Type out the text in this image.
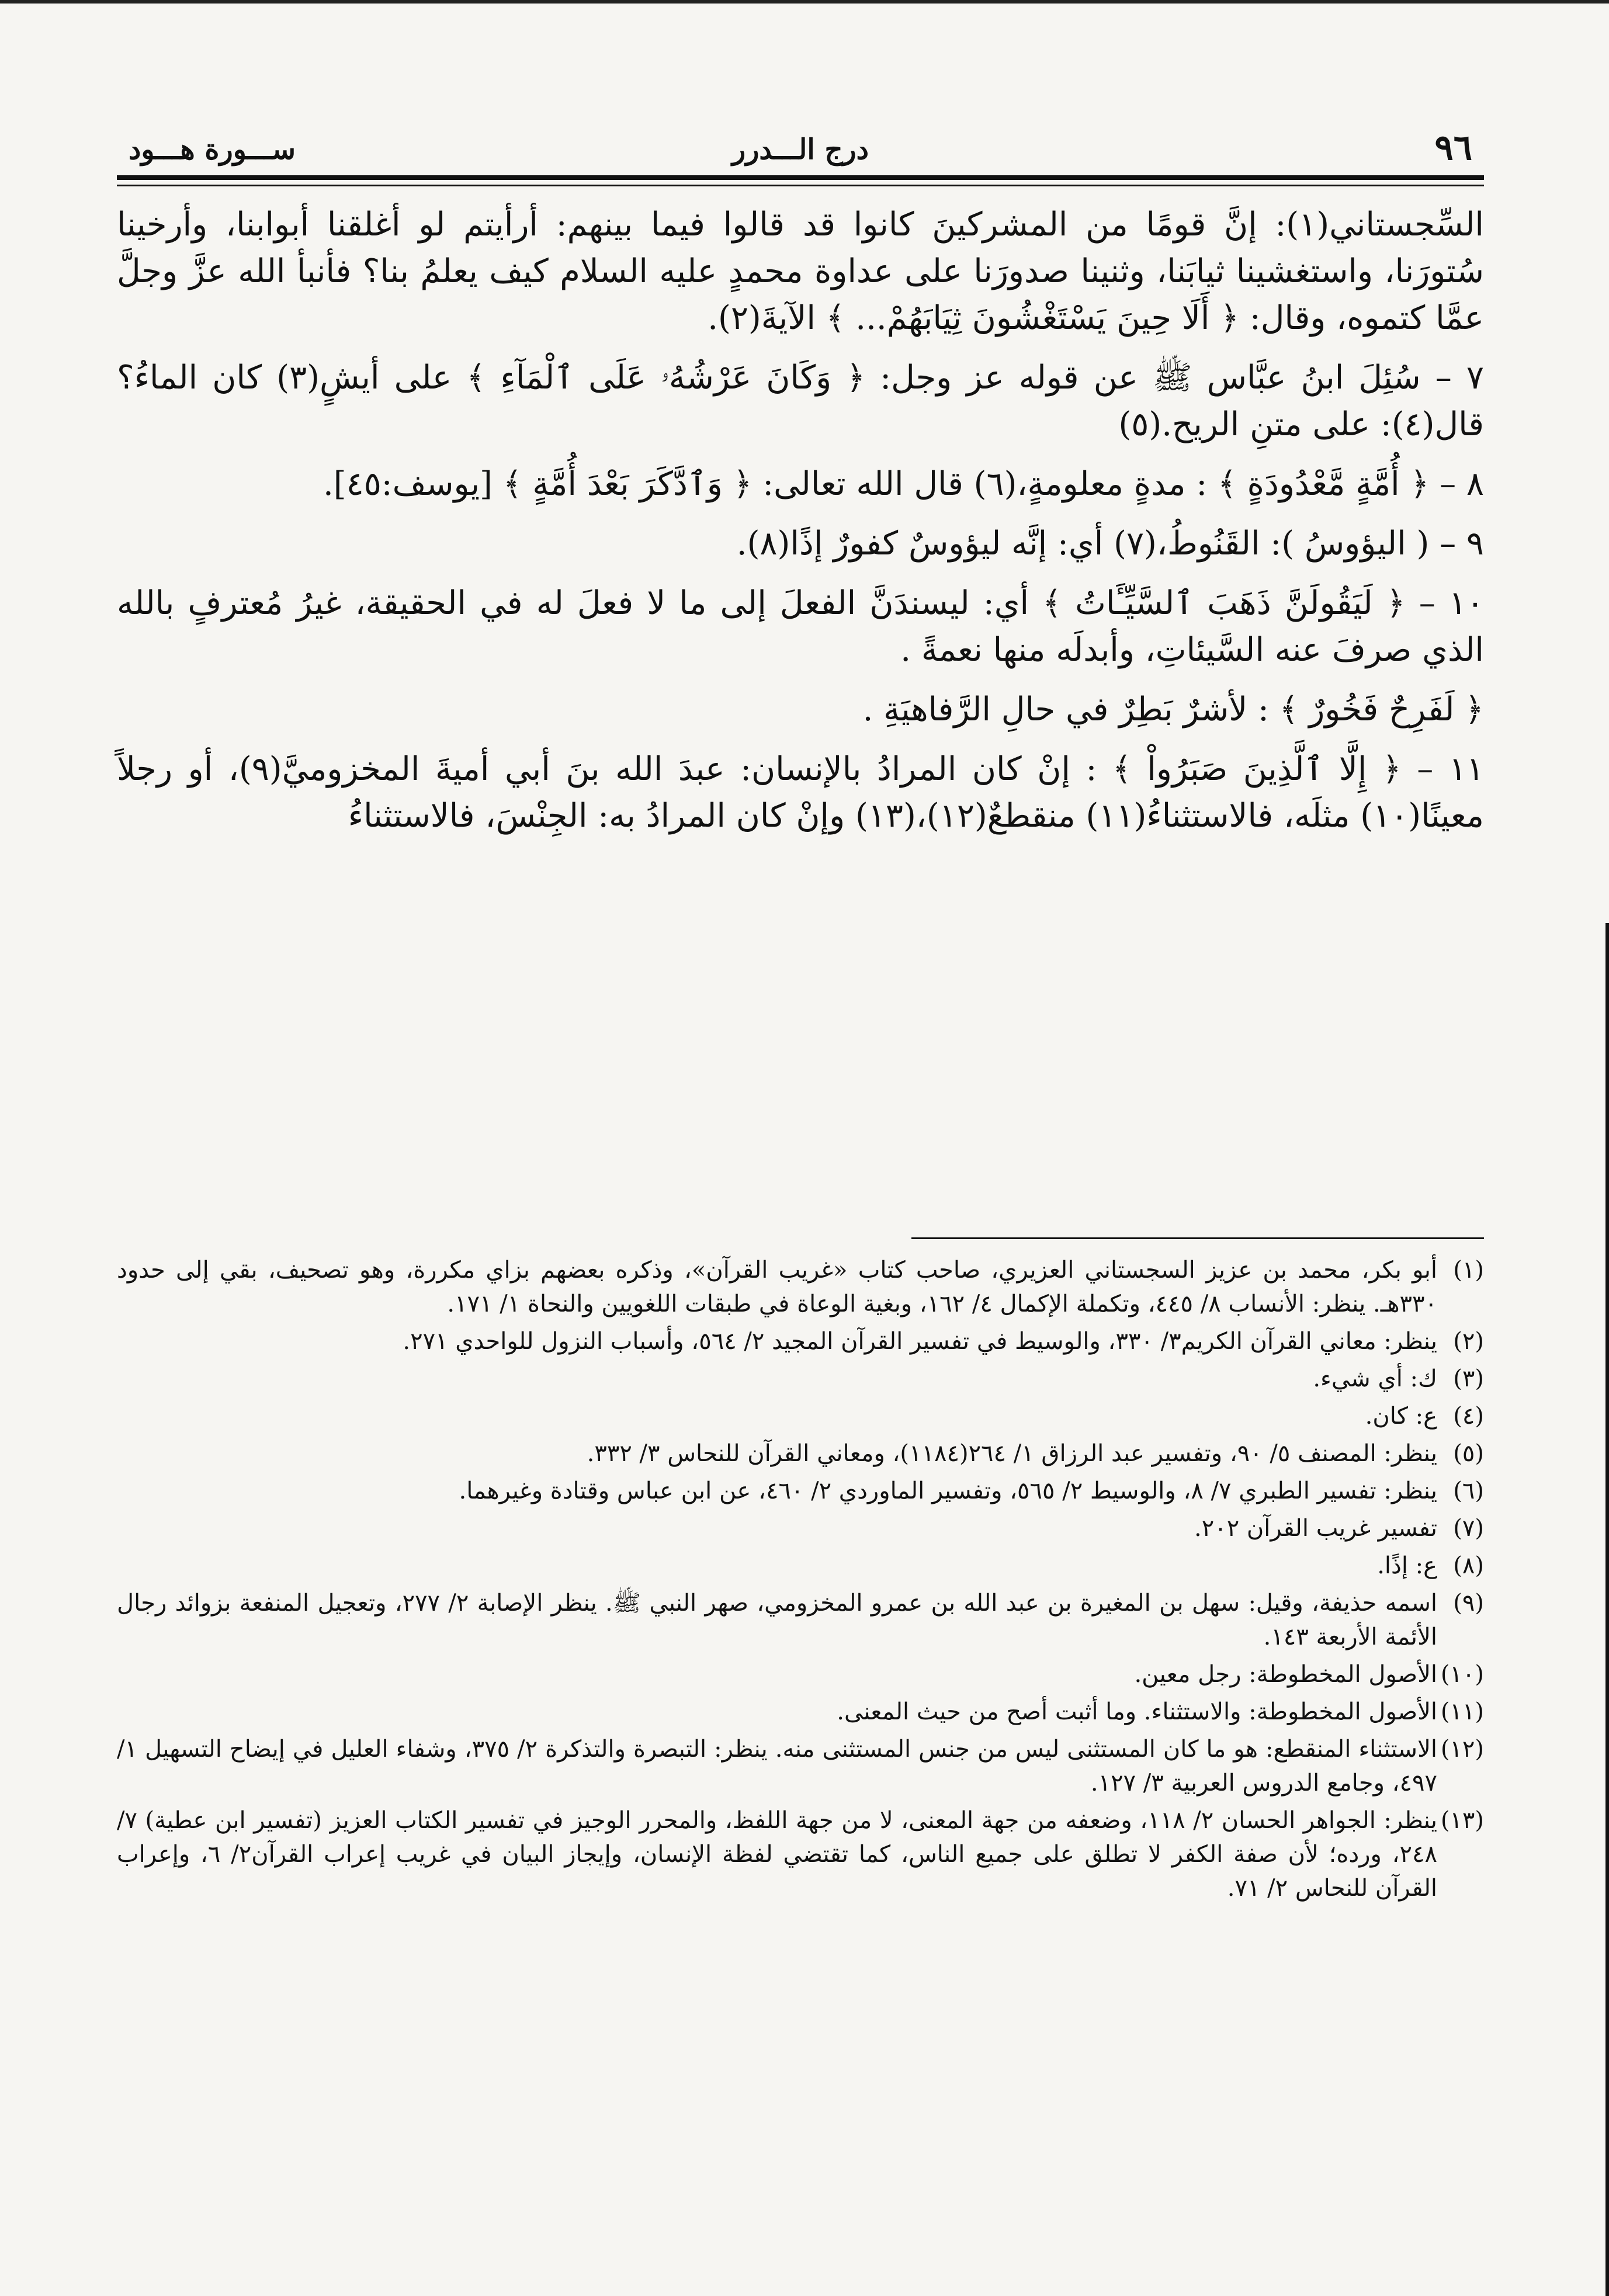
٩٦
درج الـــدرر
ســـورة هـــود

السِّجستاني(١): إنَّ قومًا من المشركينَ كانوا قد قالوا فيما بينهم: أرأيتم لو أغلقنا أبوابنا، وأرخينا سُتورَنا، واستغشينا ثيابَنا، وثنينا صدورَنا على عداوة محمدٍ عليه السلام كيف يعلمُ بنا؟ فأنبأ الله عزَّ وجلَّ عمَّا كتموه، وقال: ﴿ أَلَا حِينَ يَسْتَغْشُونَ ثِيَابَهُمْ... ﴾ الآيةَ(٢).

٧ – سُئِلَ ابنُ عبَّاس ﷺ عن قوله عز وجل: ﴿ وَكَانَ عَرْشُهُۥ عَلَى ٱلْمَآءِ ﴾ على أيشٍ(٣) كان الماءُ؟ قال(٤): على متنِ الريح.(٥)

٨ – ﴿ أُمَّةٍ مَّعْدُودَةٍ ﴾ : مدةٍ معلومةٍ،(٦) قال الله تعالى: ﴿ وَٱدَّكَرَ بَعْدَ أُمَّةٍ ﴾ [يوسف:٤٥].

٩ – ( اليؤوسُ ): القَنُوطُ،(٧) أي: إنَّه ليؤوسٌ كفورٌ إذًا(٨).

١٠ – ﴿ لَيَقُولَنَّ ذَهَبَ ٱلسَّيِّـَٔاتُ ﴾ أي: ليسندَنَّ الفعلَ إلى ما لا فعلَ له في الحقيقة، غيرُ مُعترفٍ بالله الذي صرفَ عنه السَّيئاتِ، وأبدلَه منها نعمةً .

﴿ لَفَرِحٌ فَخُورٌ ﴾ : لأشرٌ بَطِرٌ في حالِ الرَّفاهيَةِ .

١١ – ﴿ إِلَّا ٱلَّذِينَ صَبَرُواْ ﴾ : إنْ كان المرادُ بالإنسان: عبدَ الله بنَ أبي أميةَ المخزوميَّ(٩)، أو رجلاً معينًا(١٠) مثلَه، فالاستثناءُ(١١) منقطعٌ(١٢)،(١٣) وإنْ كان المرادُ به: الجِنْسَ، فالاستثناءُ

(١)أبو بكر، محمد بن عزيز السجستاني العزيري، صاحب كتاب «غريب القرآن»، وذكره بعضهم بزاي مكررة، وهو تصحيف، بقي إلى حدود ٣٣٠هـ. ينظر: الأنساب ٨/ ٤٤٥، وتكملة الإكمال ٤/ ١٦٢، وبغية الوعاة في طبقات اللغويين والنحاة ١/ ١٧١.
(٢)ينظر: معاني القرآن الكريم٣/ ٣٣٠، والوسيط في تفسير القرآن المجيد ٢/ ٥٦٤، وأسباب النزول للواحدي ٢٧١.
(٣)ك: أي شيء.
(٤)ع: كان.
(٥)ينظر: المصنف ٥/ ٩٠، وتفسير عبد الرزاق ١/ ٢٦٤(١١٨٤)، ومعاني القرآن للنحاس ٣/ ٣٣٢.
(٦)ينظر: تفسير الطبري ٧/ ٨، والوسيط ٢/ ٥٦٥، وتفسير الماوردي ٢/ ٤٦٠، عن ابن عباس وقتادة وغيرهما.
(٧)تفسير غريب القرآن ٢٠٢.
(٨)ع: إذًا.
(٩)اسمه حذيفة، وقيل: سهل بن المغيرة بن عبد الله بن عمرو المخزومي، صهر النبي ﷺ. ينظر الإصابة ٢/ ٢٧٧، وتعجيل المنفعة بزوائد رجال الأئمة الأربعة ١٤٣.
(١٠)الأصول المخطوطة: رجل معين.
(١١)الأصول المخطوطة: والاستثناء. وما أثبت أصح من حيث المعنى.
(١٢)الاستثناء المنقطع: هو ما كان المستثنى ليس من جنس المستثنى منه. ينظر: التبصرة والتذكرة ٢/ ٣٧٥، وشفاء العليل في إيضاح التسهيل ١/ ٤٩٧، وجامع الدروس العربية ٣/ ١٢٧.
(١٣)ينظر: الجواهر الحسان ٢/ ١١٨، وضعفه من جهة المعنى، لا من جهة اللفظ، والمحرر الوجيز في تفسير الكتاب العزيز (تفسير ابن عطية) ٧/ ٢٤٨، ورده؛ لأن صفة الكفر لا تطلق على جميع الناس، كما تقتضي لفظة الإنسان، وإيجاز البيان في غريب إعراب القرآن٢/ ٦، وإعراب القرآن للنحاس ٢/ ٧١.
